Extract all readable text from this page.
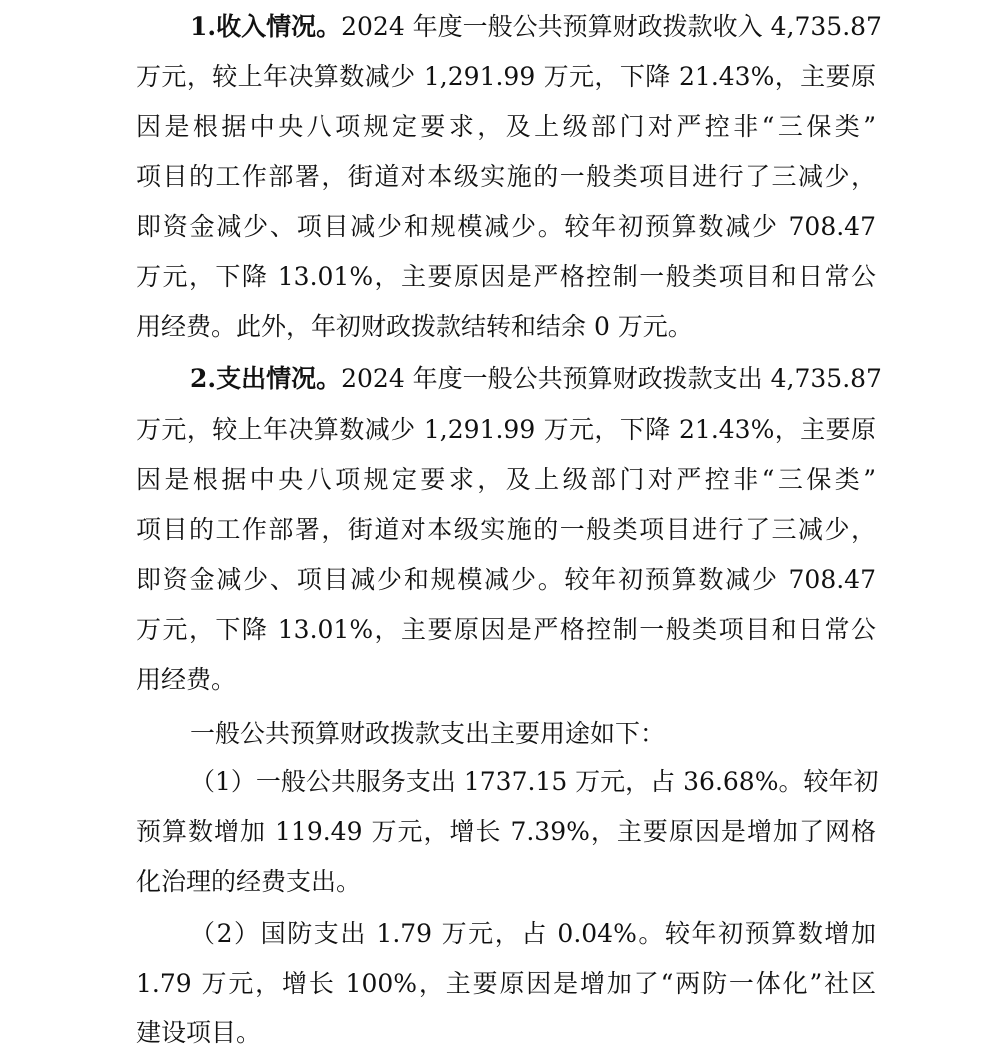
1.收入情况。2024 年度一般公共预算财政拨款收入 4,735.87
万元，较上年决算数减少 1,291.99 万元，下降 21.43%，主要原
因是根据中央八项规定要求，及上级部门对严控非“三保类”
项目的工作部署，街道对本级实施的一般类项目进行了三减少，
即资金减少、项目减少和规模减少。较年初预算数减少 708.47
万元，下降 13.01%，主要原因是严格控制一般类项目和日常公
用经费。此外，年初财政拨款结转和结余 0 万元。
2.支出情况。2024 年度一般公共预算财政拨款支出 4,735.87
万元，较上年决算数减少 1,291.99 万元，下降 21.43%，主要原
因是根据中央八项规定要求，及上级部门对严控非“三保类”
项目的工作部署，街道对本级实施的一般类项目进行了三减少，
即资金减少、项目减少和规模减少。较年初预算数减少 708.47
万元，下降 13.01%，主要原因是严格控制一般类项目和日常公
用经费。
一般公共预算财政拨款支出主要用途如下：
（1）一般公共服务支出 1737.15 万元，占 36.68%。较年初
预算数增加 119.49 万元，增长 7.39%，主要原因是增加了网格
化治理的经费支出。
（2）国防支出 1.79 万元，占 0.04%。较年初预算数增加
1.79 万元，增长 100%，主要原因是增加了“两防一体化”社区
建设项目。
